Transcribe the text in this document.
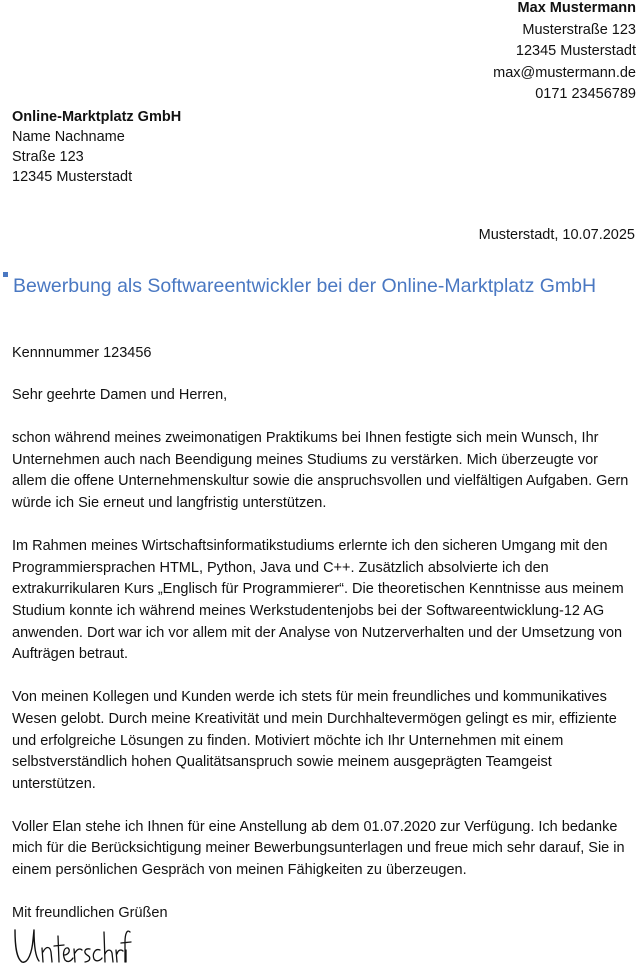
Max Mustermann
Musterstraße 123
12345 Musterstadt
max@mustermann.de
0171 23456789
Online-Marktplatz GmbH
Name Nachname
Straße 123
12345 Musterstadt
Musterstadt, 10.07.2025
Bewerbung als Softwareentwickler bei der Online-Marktplatz GmbH
Kennnummer 123456

Sehr geehrte Damen und Herren,

schon während meines zweimonatigen Praktikums bei Ihnen festigte sich mein Wunsch, Ihr Unternehmen auch nach Beendigung meines Studiums zu verstärken. Mich überzeugte vor allem die offene Unternehmenskultur sowie die anspruchsvollen und vielfältigen Aufgaben. Gern würde ich Sie erneut und langfristig unterstützen.

Im Rahmen meines Wirtschaftsinformatikstudiums erlernte ich den sicheren Umgang mit den Programmiersprachen HTML, Python, Java und C++. Zusätzlich absolvierte ich den extrakurrikularen Kurs „Englisch für Programmierer“. Die theoretischen Kenntnisse aus meinem Studium konnte ich während meines Werkstudentenjobs bei der Softwareentwicklung-12 AG anwenden. Dort war ich vor allem mit der Analyse von Nutzerverhalten und der Umsetzung von Aufträgen betraut.

Von meinen Kollegen und Kunden werde ich stets für mein freundliches und kommunikatives Wesen gelobt. Durch meine Kreativität und mein Durchhaltevermögen gelingt es mir, effiziente und erfolgreiche Lösungen zu finden. Motiviert möchte ich Ihr Unternehmen mit einem selbstverständlich hohen Qualitätsanspruch sowie meinem ausgeprägten Teamgeist unterstützen.

Voller Elan stehe ich Ihnen für eine Anstellung ab dem 01.07.2020 zur Verfügung. Ich bedanke mich für die Berücksichtigung meiner Bewerbungsunterlagen und freue mich sehr darauf, Sie in einem persönlichen Gespräch von meinen Fähigkeiten zu überzeugen.

Mit freundlichen Grüßen
